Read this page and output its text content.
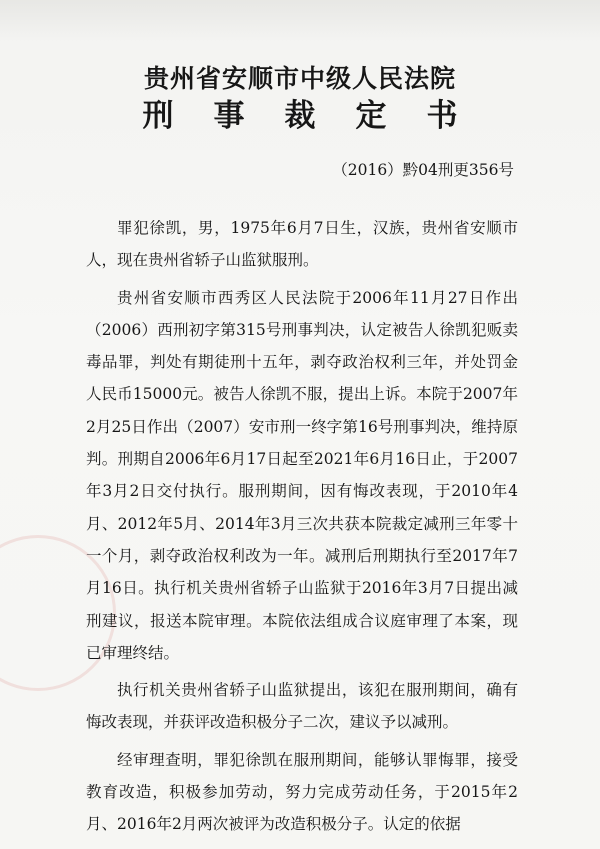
贵州省安顺市中级人民法院
刑事裁定书
（2016）黔04刑更356号

罪犯徐凯，男，1975年6月7日生，汉族，贵州省安顺市人，现在贵州省轿子山监狱服刑。

贵州省安顺市西秀区人民法院于2006年11月27日作出（2006）西刑初字第315号刑事判决，认定被告人徐凯犯贩卖毒品罪，判处有期徒刑十五年，剥夺政治权利三年，并处罚金人民币15000元。被告人徐凯不服，提出上诉。本院于2007年2月25日作出（2007）安市刑一终字第16号刑事判决，维持原判。刑期自2006年6月17日起至2021年6月16日止，于2007年3月2日交付执行。服刑期间，因有悔改表现，于2010年4月、2012年5月、2014年3月三次共获本院裁定减刑三年零十一个月，剥夺政治权利改为一年。减刑后刑期执行至2017年7月16日。执行机关贵州省轿子山监狱于2016年3月7日提出减刑建议，报送本院审理。本院依法组成合议庭审理了本案，现已审理终结。

执行机关贵州省轿子山监狱提出，该犯在服刑期间，确有悔改表现，并获评改造积极分子二次，建议予以减刑。

经审理查明，罪犯徐凯在服刑期间，能够认罪悔罪，接受教育改造，积极参加劳动，努力完成劳动任务，于2015年2月、2016年2月两次被评为改造积极分子。认定的依据
